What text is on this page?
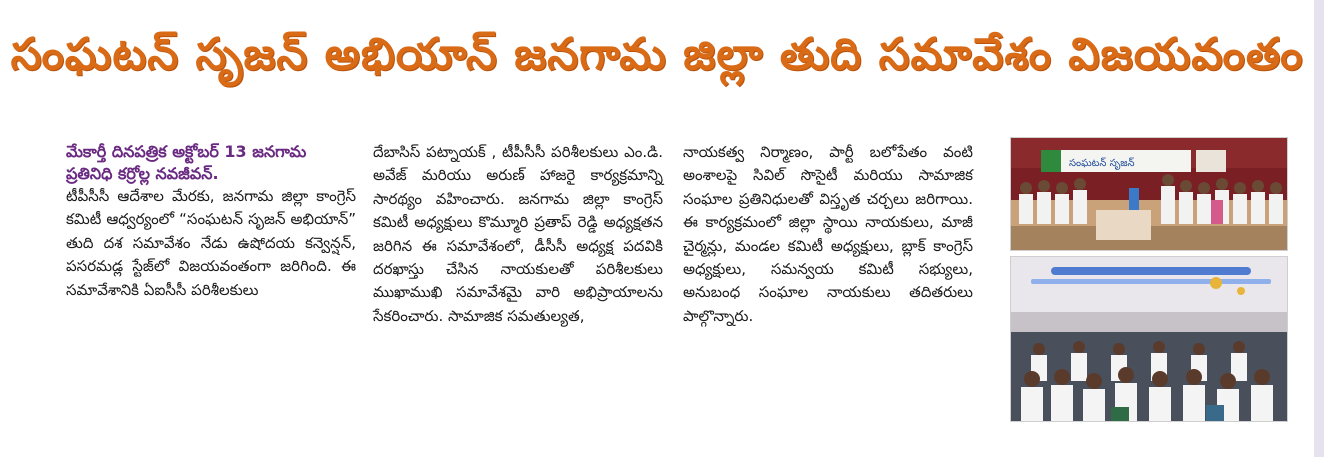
సంఘటన్ సృజన్ అభియాన్ జనగామ జిల్లా తుది సమావేశం విజయవంతం

మేకార్తీ దినపత్రిక అక్టోబర్ 13 జనగామ ప్రతినిధి కర్రోల్ల నవజీవన్.

టీపీసీసీ ఆదేశాల మేరకు, జనగామ జిల్లా కాంగ్రెస్ కమిటీ ఆధ్వర్యంలో “సంఘటన్ సృజన్ అభియాన్” తుది దశ సమావేశం నేడు ఉషోదయ కన్వెన్షన్, పసరమడ్ల స్టేజ్‌లో విజయవంతంగా జరిగింది. ఈ సమావేశానికి ఏఐసీసీ పరిశీలకులు

దేబాసిస్ పట్నాయక్ , టీపీసీసీ పరిశీలకులు ఎం.డి. అవేజ్ మరియు అరుణ్ హాజరై కార్యక్రమాన్ని సారథ్యం వహించారు. జనగామ జిల్లా కాంగ్రెస్ కమిటీ అధ్యక్షులు కొమ్మూరి ప్రతాప్ రెడ్డి అధ్యక్షతన జరిగిన ఈ సమావేశంలో, డీసీసీ అధ్యక్ష పదవికి దరఖాస్తు చేసిన నాయకులతో పరిశీలకులు ముఖాముఖి సమావేశమై వారి అభిప్రాయాలను సేకరించారు. సామాజిక సమతుల్యత,

నాయకత్వ నిర్మాణం, పార్టీ బలోపేతం వంటి అంశాలపై సివిల్ సొసైటీ మరియు సామాజిక సంఘాల ప్రతినిధులతో విస్తృత చర్చలు జరిగాయి. ఈ కార్యక్రమంలో జిల్లా స్థాయి నాయకులు, మాజీ చైర్మన్లు, మండల కమిటీ అధ్యక్షులు, బ్లాక్ కాంగ్రెస్ అధ్యక్షులు, సమన్వయ కమిటీ సభ్యులు, అనుబంధ సంఘాల నాయకులు తదితరులు పాల్గొన్నారు.

సంఘటన్ సృజన్
